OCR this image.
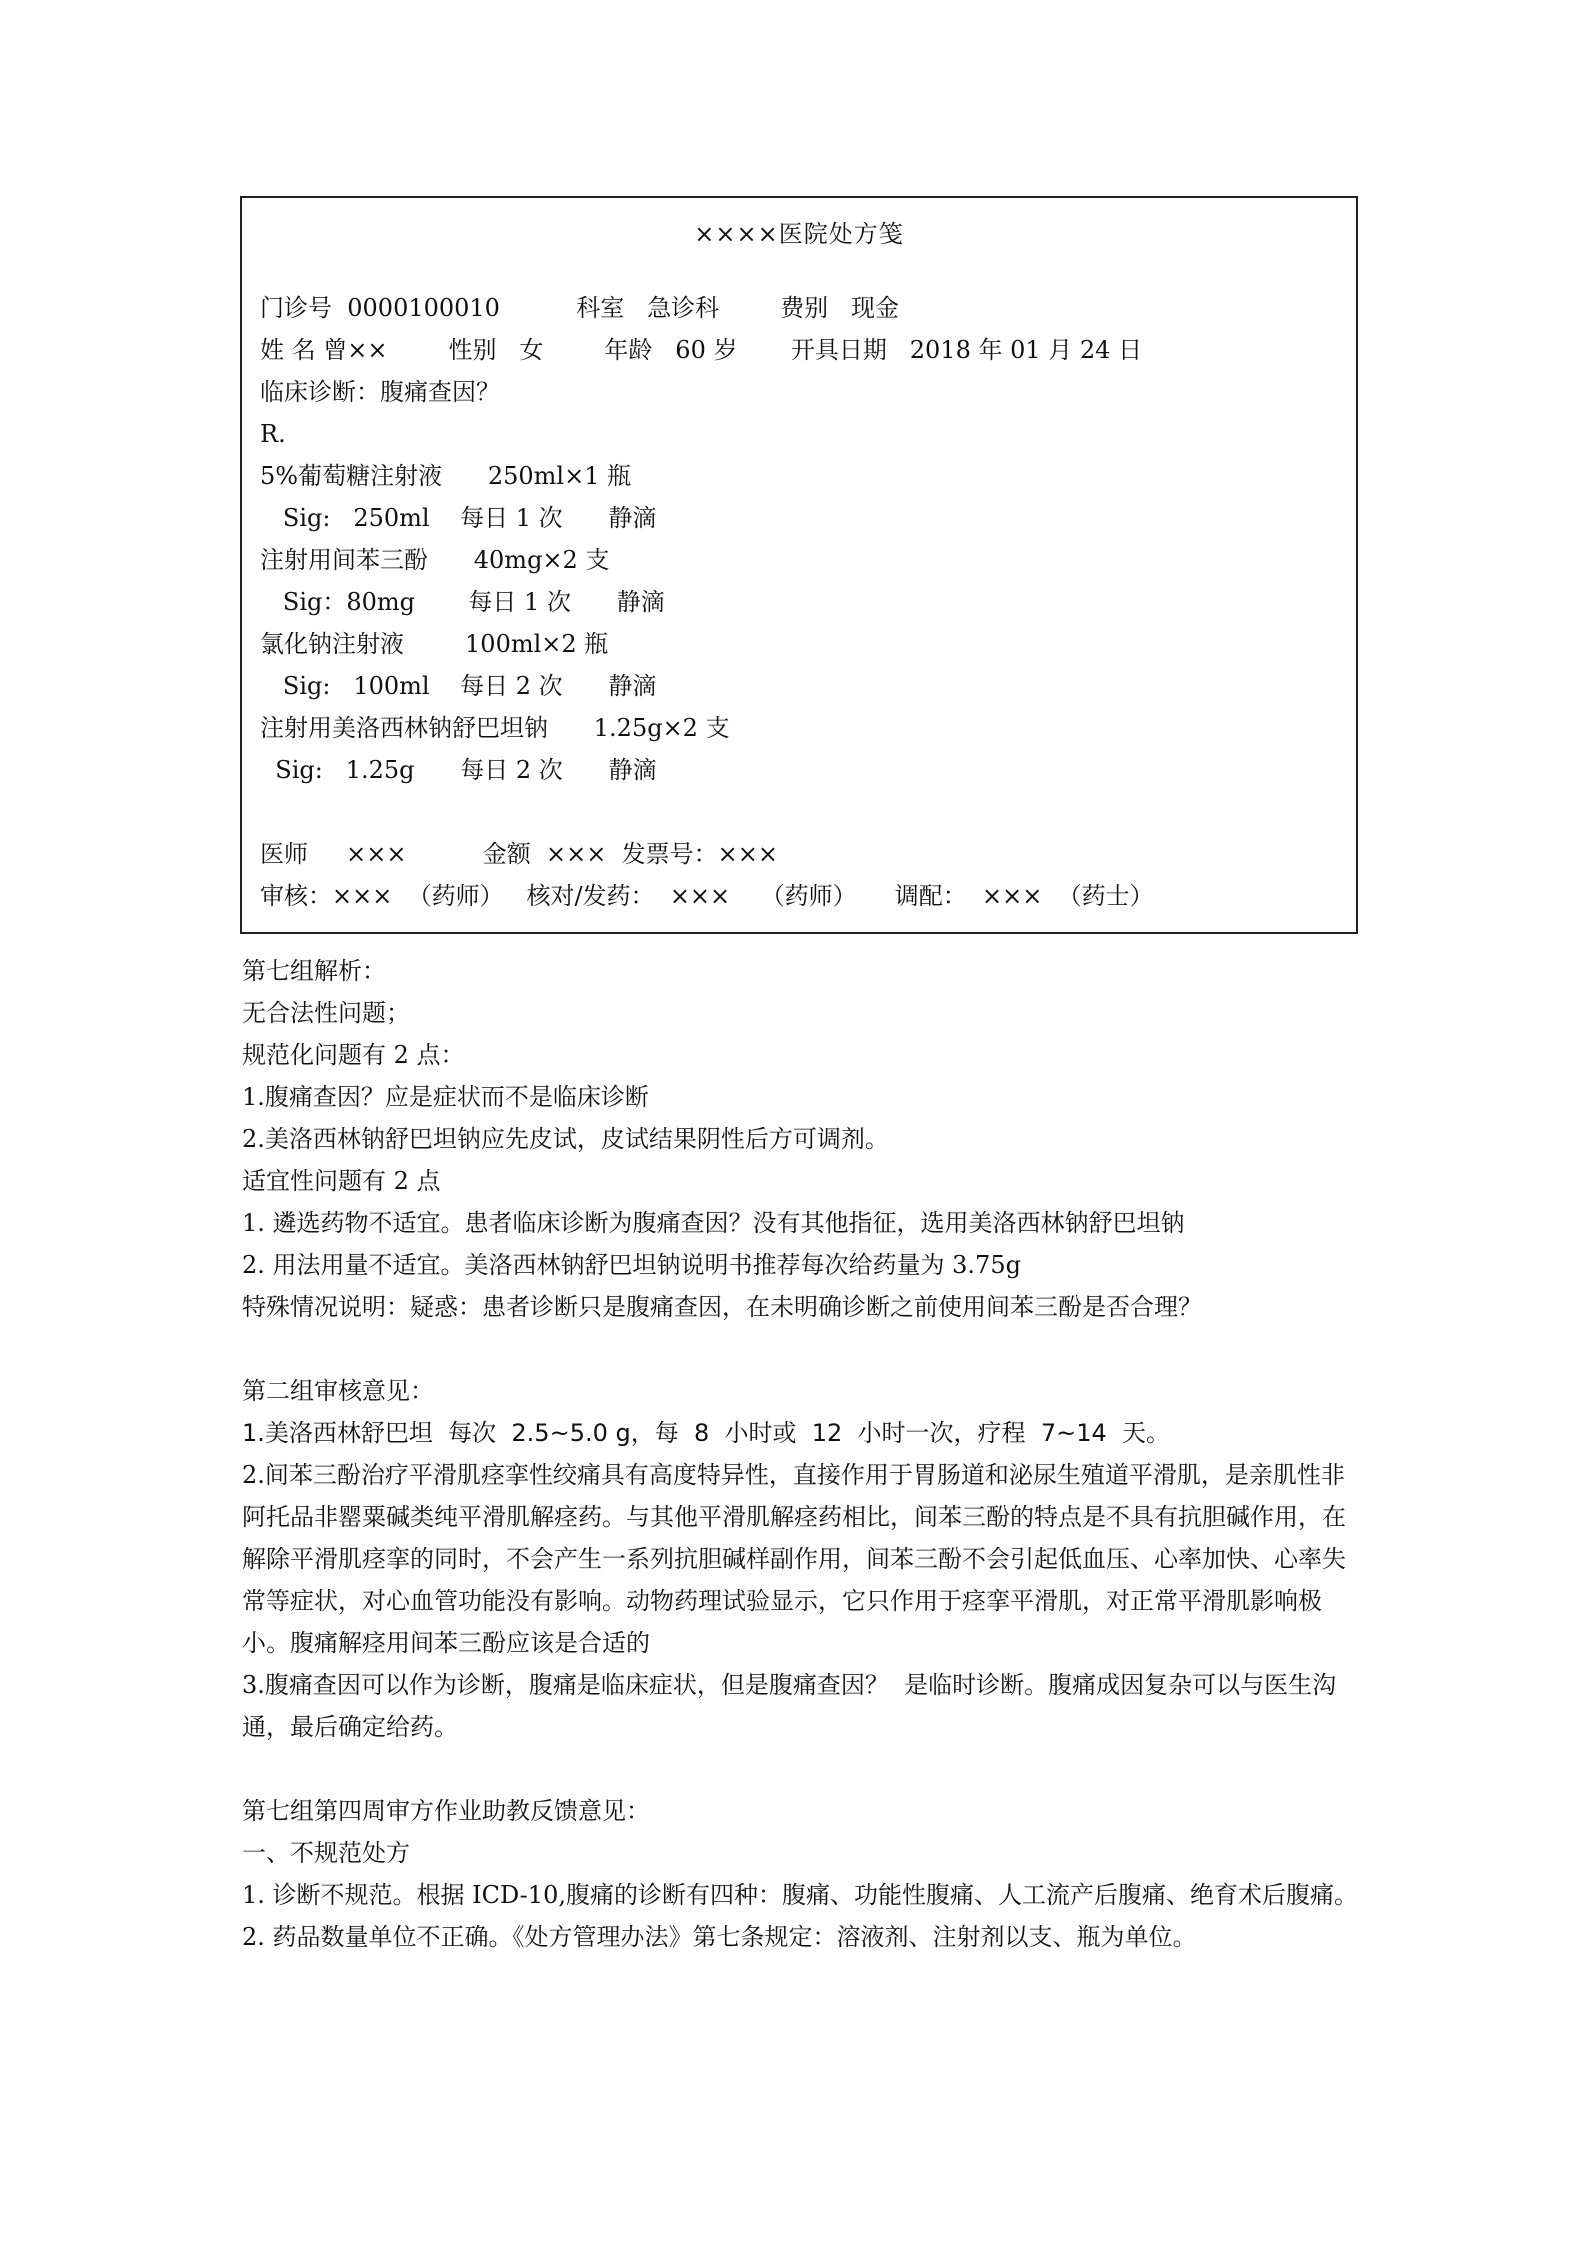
××××医院处方笺
门诊号  0000100010          科室   急诊科        费别   现金
姓 名 曾××        性别   女        年龄   60 岁       开具日期   2018 年 01 月 24 日
临床诊断：腹痛查因？
R.
5%葡萄糖注射液      250ml×1 瓶
Sig:   250ml    每日 1 次      静滴
注射用间苯三酚      40mg×2 支
Sig：80mg       每日 1 次      静滴
氯化钠注射液        100ml×2 瓶
Sig:   100ml    每日 2 次      静滴
注射用美洛西林钠舒巴坦钠      1.25g×2 支
Sig:   1.25g      每日 2 次      静滴
医师     ×××          金额  ×××  发票号：×××
审核：×××  （药师）   核对/发药：  ×××    （药师）     调配：  ×××  （药士）

第七组解析：

无合法性问题；

规范化问题有 2 点：

1.腹痛查因？应是症状而不是临床诊断

2.美洛西林钠舒巴坦钠应先皮试，皮试结果阴性后方可调剂。

适宜性问题有 2 点

1. 遴选药物不适宜。患者临床诊断为腹痛查因？没有其他指征，选用美洛西林钠舒巴坦钠

2. 用法用量不适宜。美洛西林钠舒巴坦钠说明书推荐每次给药量为 3.75g

特殊情况说明：疑惑：患者诊断只是腹痛查因，在未明确诊断之前使用间苯三酚是否合理？

第二组审核意见：

1.美洛西林舒巴坦  每次  2.5~5.0 g，每  8  小时或  12  小时一次，疗程  7~14  天。

2.间苯三酚治疗平滑肌痉挛性绞痛具有高度特异性，直接作用于胃肠道和泌尿生殖道平滑肌，是亲肌性非阿托品非罂粟碱类纯平滑肌解痉药。与其他平滑肌解痉药相比，间苯三酚的特点是不具有抗胆碱作用，在解除平滑肌痉挛的同时，不会产生一系列抗胆碱样副作用，间苯三酚不会引起低血压、心率加快、心率失常等症状，对心血管功能没有影响。动物药理试验显示，它只作用于痉挛平滑肌，对正常平滑肌影响极小。腹痛解痉用间苯三酚应该是合适的

3.腹痛查因可以作为诊断，腹痛是临床症状，但是腹痛查因？  是临时诊断。腹痛成因复杂可以与医生沟通，最后确定给药。

第七组第四周审方作业助教反馈意见：

一、不规范处方

1. 诊断不规范。根据 ICD-10,腹痛的诊断有四种：腹痛、功能性腹痛、人工流产后腹痛、绝育术后腹痛。

2. 药品数量单位不正确。《处方管理办法》第七条规定：溶液剂、注射剂以支、瓶为单位。
